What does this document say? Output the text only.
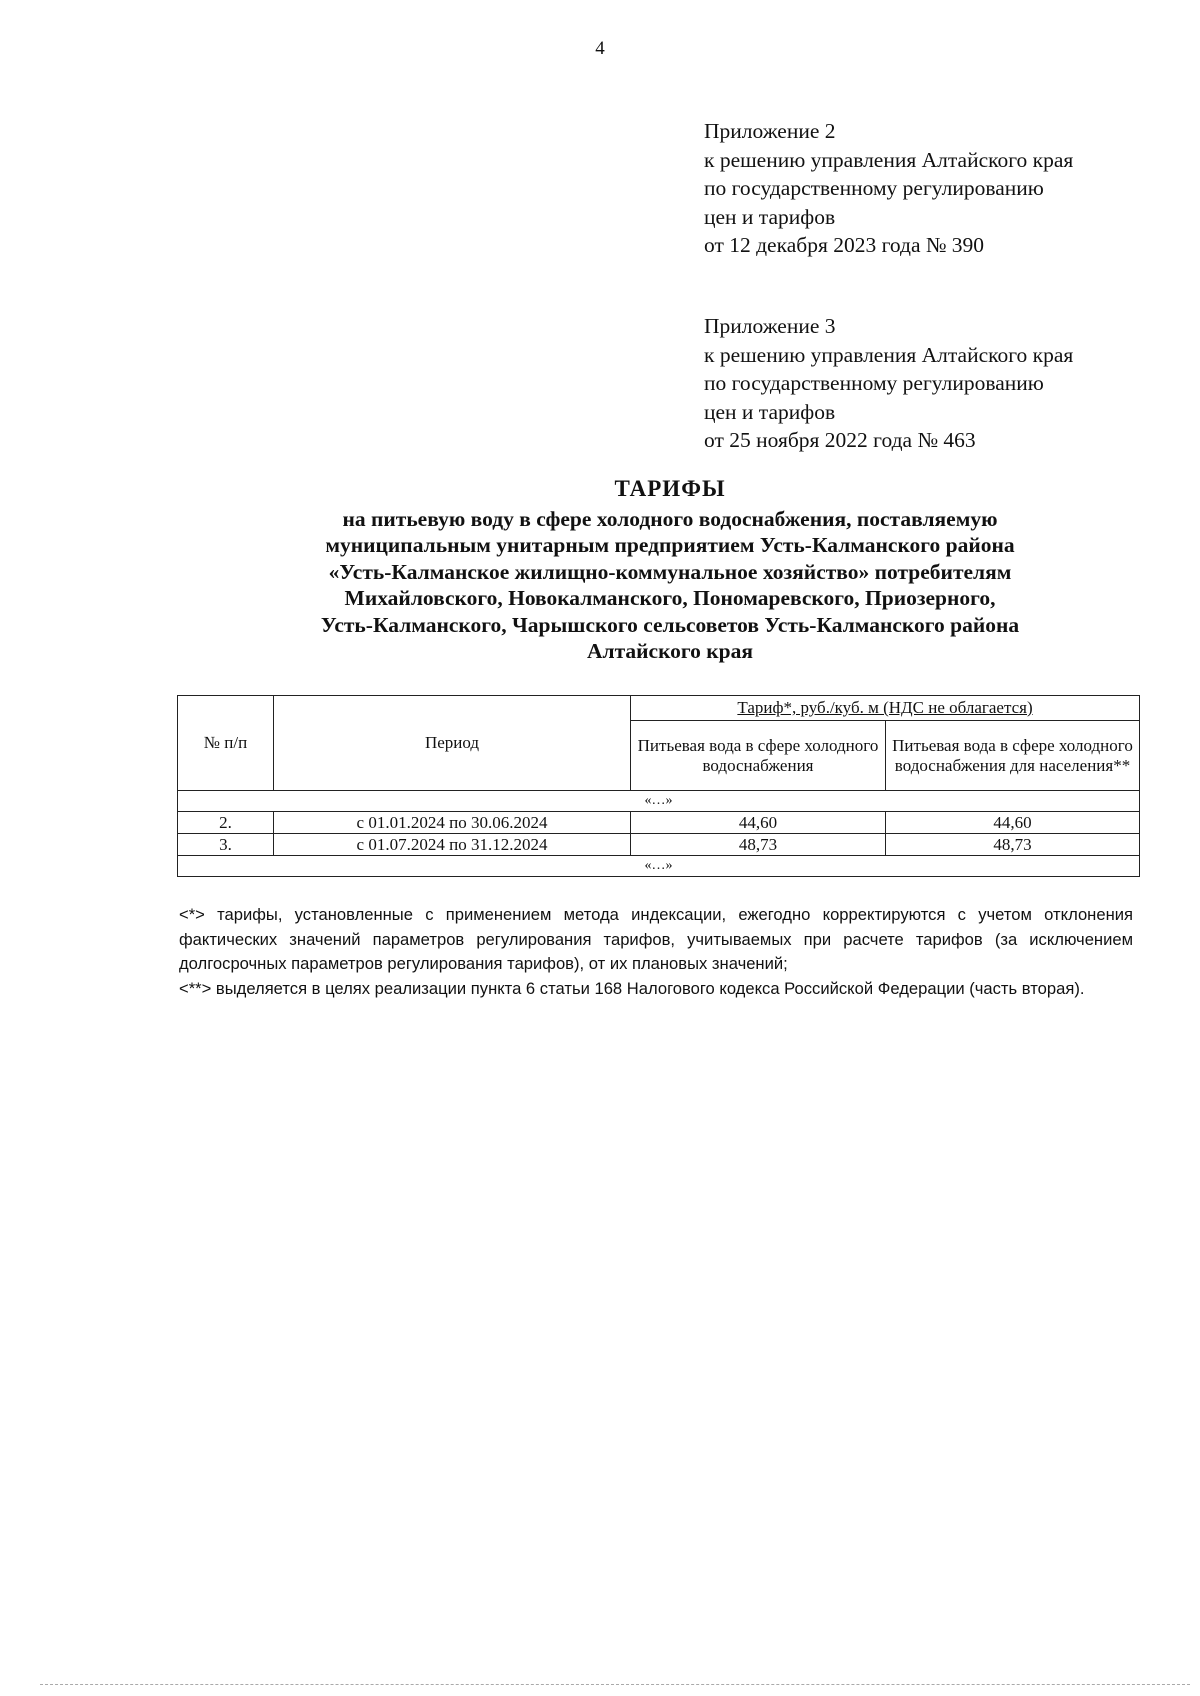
4
Приложение 2
к решению управления Алтайского края
по государственному регулированию
цен и тарифов
от 12 декабря 2023 года № 390
Приложение 3
к решению управления Алтайского края
по государственному регулированию
цен и тарифов
от 25 ноября 2022 года № 463
ТАРИФЫ
на питьевую воду в сфере холодного водоснабжения, поставляемую
муниципальным унитарным предприятием Усть-Калманского района
«Усть-Калманское жилищно-коммунальное хозяйство» потребителям
Михайловского, Новокалманского, Пономаревского, Приозерного,
Усть-Калманского, Чарышского сельсоветов Усть-Калманского района
Алтайского края
№ п/п	Период	Тариф*, руб./куб. м (НДС не облагается)	
		Питьевая вода в сфере холодного водоснабжения	Питьевая вода в сфере холодного водоснабжения для населения**
«…»			
2.	с 01.01.2024 по 30.06.2024	44,60	44,60
3.	с 01.07.2024 по 31.12.2024	48,73	48,73
«…»			

<*> тарифы, установленные с применением метода индексации, ежегодно корректируются с учетом отклонения фактических значений параметров регулирования тарифов, учитываемых при расчете тарифов (за исключением долгосрочных параметров регулирования тарифов), от их плановых значений;

<**> выделяется в целях реализации пункта 6 статьи 168 Налогового кодекса Российской Федерации (часть вторая).
